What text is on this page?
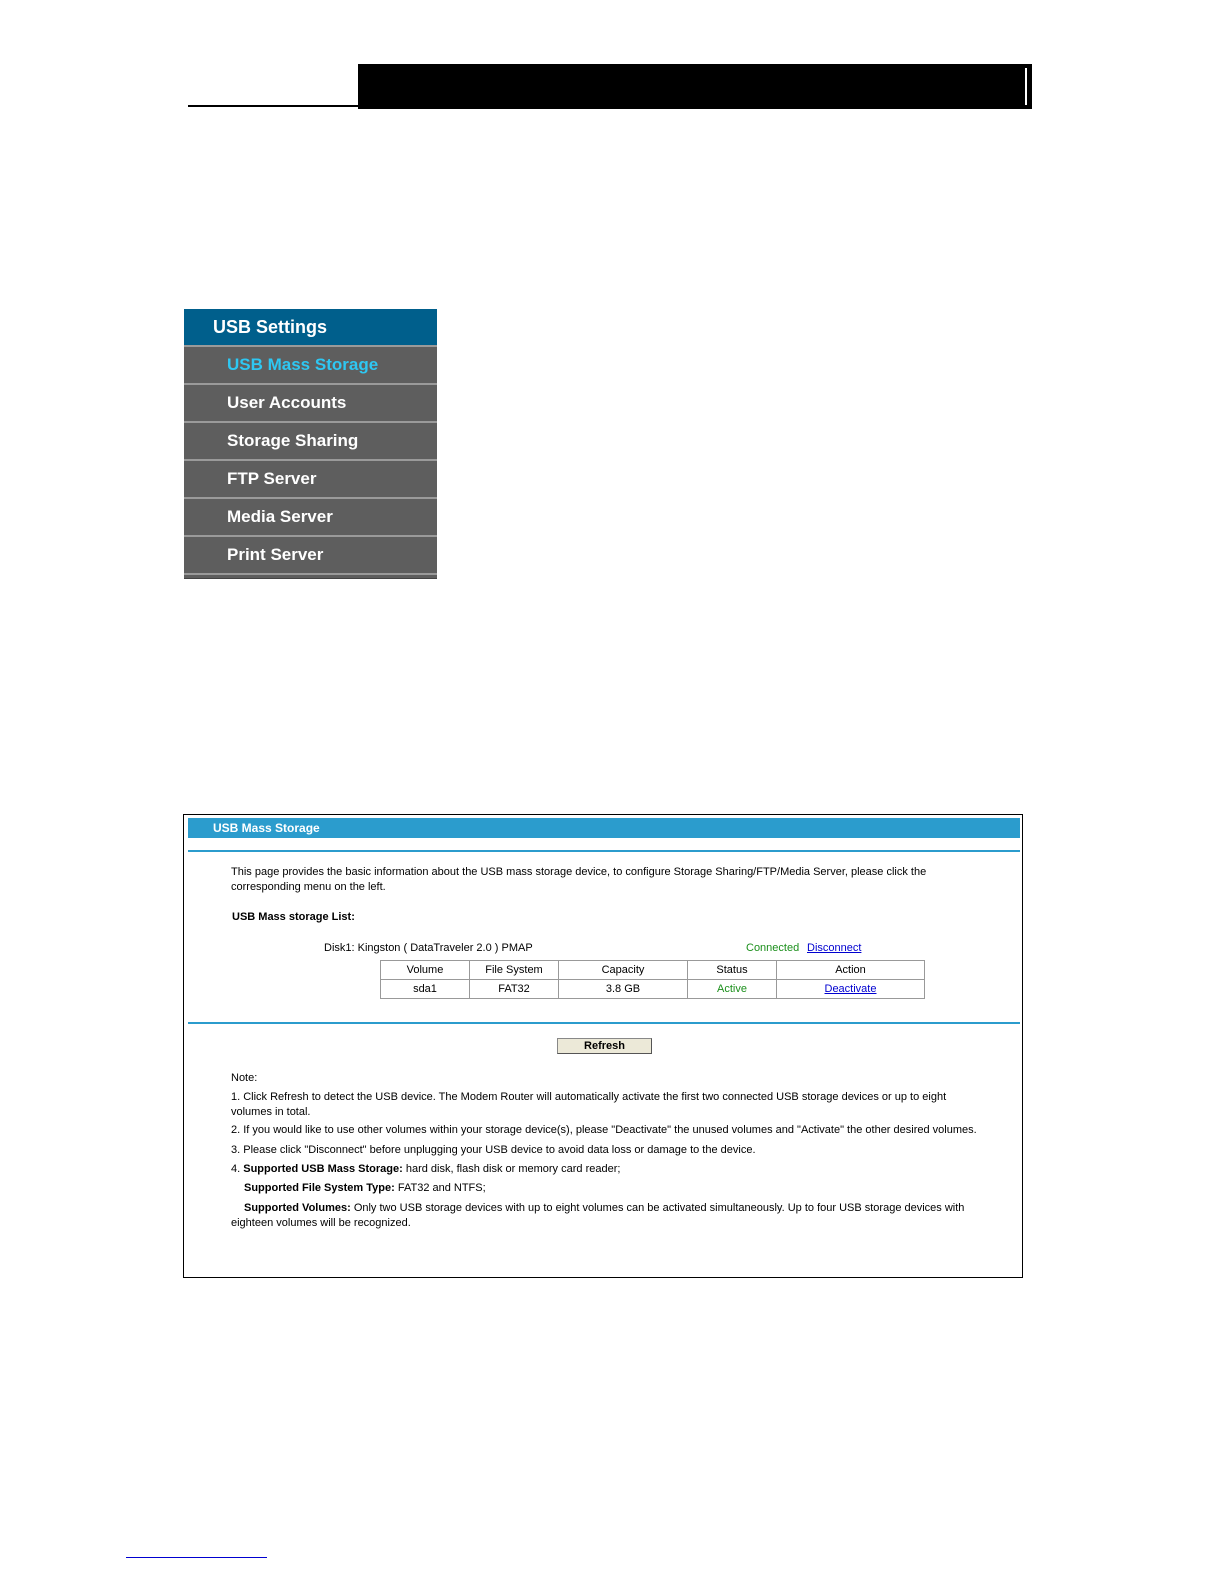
USB Settings
USB Mass Storage
User Accounts
Storage Sharing
FTP Server
Media Server
Print Server
USB Mass Storage
This page provides the basic information about the USB mass storage device, to configure Storage Sharing/FTP/Media Server, please click the
corresponding menu on the left.
USB Mass storage List:
Disk1: Kingston ( DataTraveler 2.0 ) PMAP	Connected Disconnect
Volume	File System	Capacity	Status	Action
sda1	FAT32	3.8 GB	Active	Deactivate
Refresh
Note:
1. Click Refresh to detect the USB device. The Modem Router will automatically activate the first two connected USB storage devices or up to eight
volumes in total.
2. If you would like to use other volumes within your storage device(s), please "Deactivate" the unused volumes and "Activate" the other desired volumes.
3. Please click "Disconnect" before unplugging your USB device to avoid data loss or damage to the device.
4. Supported USB Mass Storage: hard disk, flash disk or memory card reader;
Supported File System Type: FAT32 and NTFS;
Supported Volumes: Only two USB storage devices with up to eight volumes can be activated simultaneously. Up to four USB storage devices with
eighteen volumes will be recognized.
